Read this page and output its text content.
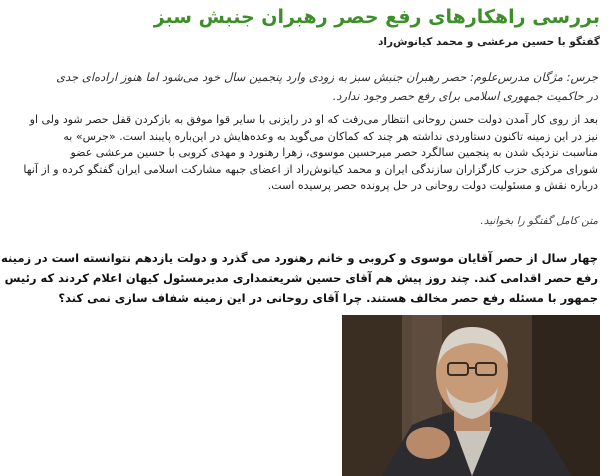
بررسی راهکارهای رفع حصر رهبران جنبش سبز
گفتگو با حسین مرعشی و محمد کیانوش‌راد

جرس: مژگان مدرس‌علوم: حصر رهبران جنبش سبز به زودی وارد پنجمین سال خود می‌شود اما هنوز اراده‌ای جدی

در حاکمیت جمهوری اسلامی برای رفع حصر وجود ندارد.

بعد از روی کار آمدن دولت حسن روحانی انتظار می‌رفت که او در رایزنی با سایر قوا موفق به بازکردن قفل حصر شود ولی او

نیز در این زمینه تاکنون دستاوردی نداشته هر چند که کماکان می‌گوید به وعده‌هایش در این‌باره پایبند است. «جرس» به

مناسبت نزدیک شدن به پنجمین سالگرد حصر میرحسین موسوی، زهرا رهنورد و مهدی کروبی با حسین مرعشی عضو

شورای مرکزی حزب کارگزاران سازندگی ایران و محمد کیانوش‌راد از اعضای جبهه مشارکت اسلامی ایران گفتگو کرده و از آنها

درباره نقش و مسئولیت دولت روحانی در حل پرونده حصر پرسیده است.

متن کامل گفتگو را بخوانید.

چهار سال از حصر آقایان موسوی و کروبی و خانم رهنورد می گذرد و دولت یازدهم نتوانسته است در زمینه

رفع حصر اقدامی کند. چند روز پیش هم آقای حسین شریعتمداری مدیرمسئول کیهان اعلام کردند که رئیس

جمهور با مسئله رفع حصر مخالف هستند. چرا آقای روحانی در این زمینه شفاف سازی نمی کند؟
